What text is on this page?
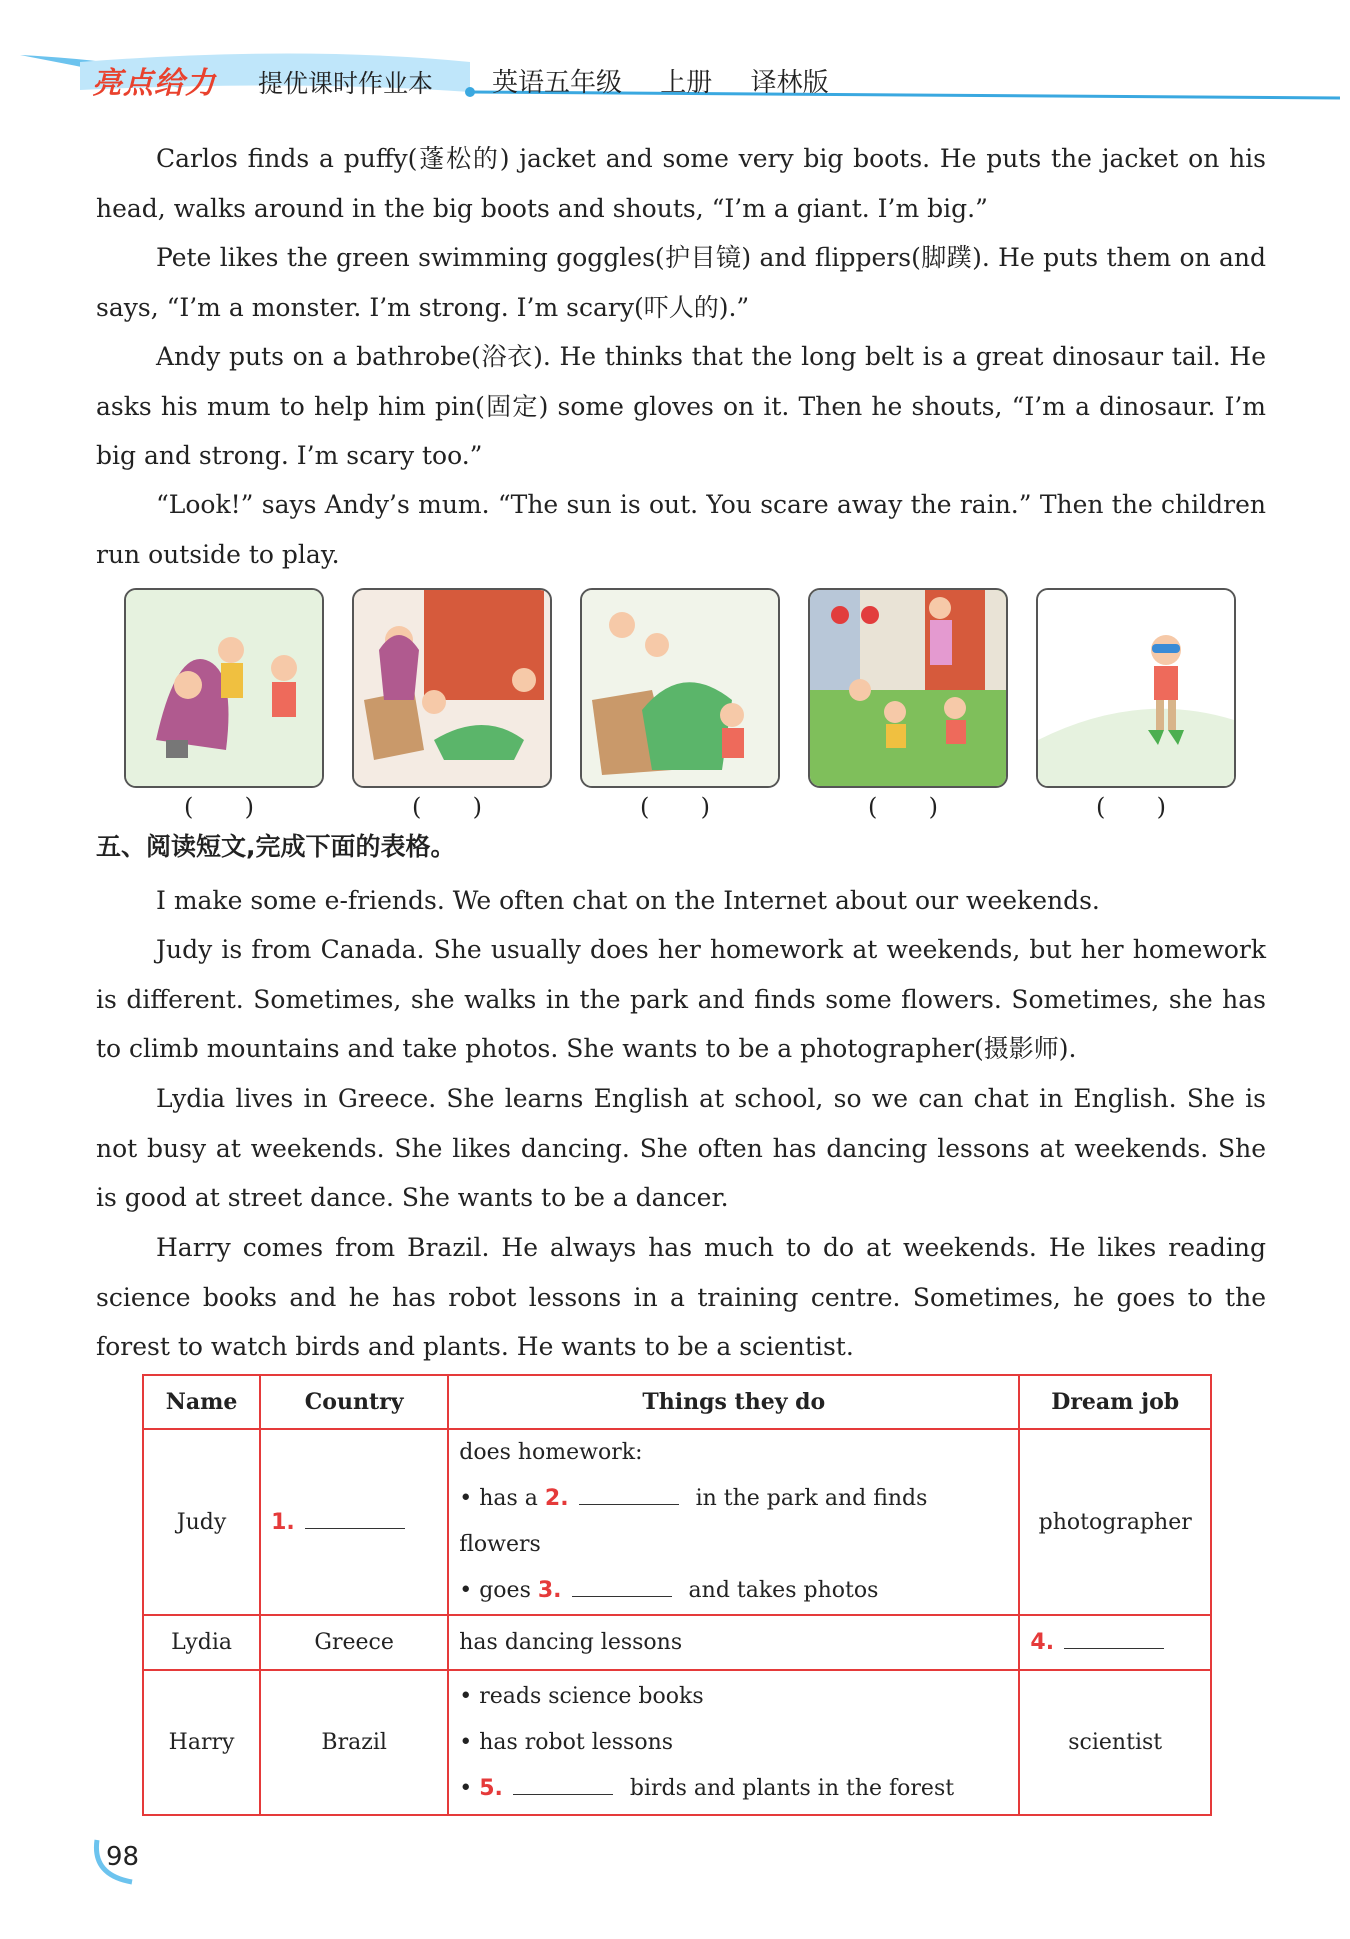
亮点给力 提优课时作业本 英语五年级 上册 译林版
Carlos finds a puffy(蓬松的) jacket and some very big boots. He puts the jacket on his head, walks around in the big boots and shouts, “I’m a giant. I’m big.”
Pete likes the green swimming goggles(护目镜) and flippers(脚蹼). He puts them on and says, “I’m a monster. I’m strong. I’m scary(吓人的).”
Andy puts on a bathrobe(浴衣). He thinks that the long belt is a great dinosaur tail. He asks his mum to help him pin(固定) some gloves on it. Then he shouts, “I’m a dinosaur. I’m big and strong. I’m scary too.”
“Look!” says Andy’s mum. “The sun is out. You scare away the rain.” Then the children run outside to play.
( )	( )	( )	( )	( )
五、阅读短文,完成下面的表格。
I make some e-friends. We often chat on the Internet about our weekends.
Judy is from Canada. She usually does her homework at weekends, but her homework is different. Sometimes, she walks in the park and finds some flowers. Sometimes, she has to climb mountains and take photos. She wants to be a photographer(摄影师).
Lydia lives in Greece. She learns English at school, so we can chat in English. She is not busy at weekends. She likes dancing. She often has dancing lessons at weekends. She is good at street dance. She wants to be a dancer.
Harry comes from Brazil. He always has much to do at weekends. He likes reading science books and he has robot lessons in a training centre. Sometimes, he goes to the forest to watch birds and plants. He wants to be a scientist.
Name	Country	Things they do	Dream job
Judy	1.	does homework:
• has a 2. in the park and finds flowers
• goes 3. and takes photos	photographer
Lydia	Greece	has dancing lessons	4.
Harry	Brazil	• reads science books
• has robot lessons
• 5. birds and plants in the forest	scientist
98
